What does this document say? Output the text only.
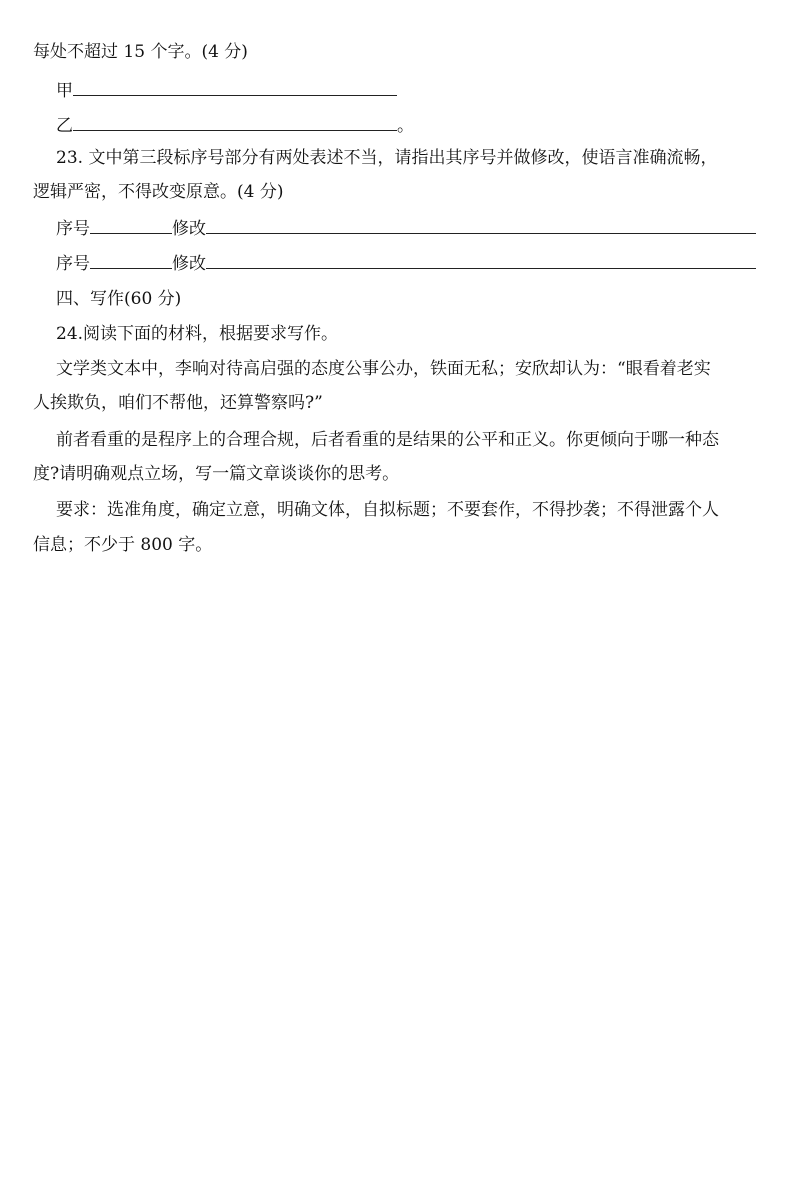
每处不超过 15 个字。(4 分)
甲
乙	。
23. 文中第三段标序号部分有两处表述不当，请指出其序号并做修改，使语言准确流畅，
逻辑严密，不得改变原意。(4 分)
序号	修改
序号	修改
四、写作(60 分)
24.阅读下面的材料，根据要求写作。
文学类文本中，李响对待高启强的态度公事公办，铁面无私；安欣却认为：“眼看着老实
人挨欺负，咱们不帮他，还算警察吗?”
前者看重的是程序上的合理合规，后者看重的是结果的公平和正义。你更倾向于哪一种态
度?请明确观点立场，写一篇文章谈谈你的思考。
要求：选准角度，确定立意，明确文体，自拟标题；不要套作，不得抄袭；不得泄露个人
信息；不少于 800 字。
